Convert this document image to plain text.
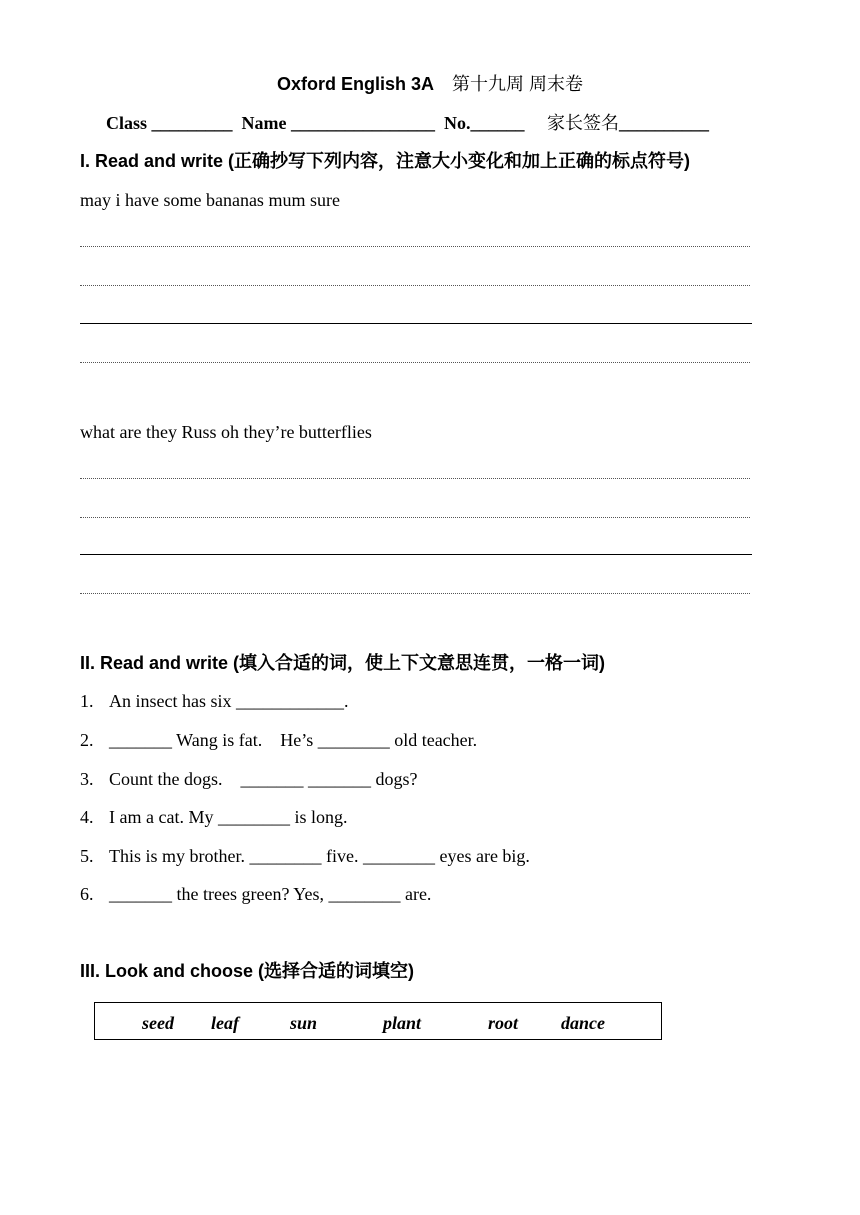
Oxford English 3A 第十九周 周末卷
Class _________ Name ________________ No.______ 家长签名__________
I. Read and write (正确抄写下列内容，注意大小变化和加上正确的标点符号)
may i have some bananas mum sure
what are they Russ oh they’re butterflies
II. Read and write (填入合适的词，使上下文意思连贯，一格一词)
1. An insect has six ____________.
2. _______ Wang is fat.    He’s ________ old teacher.
3. Count the dogs.    _______ _______ dogs?
4. I am a cat. My ________ is long.
5. This is my brother. ________ five. ________ eyes are big.
6. _______ the trees green? Yes, ________ are.
III. Look and choose (选择合适的词填空)
seed leaf	sun	plant	root dance
